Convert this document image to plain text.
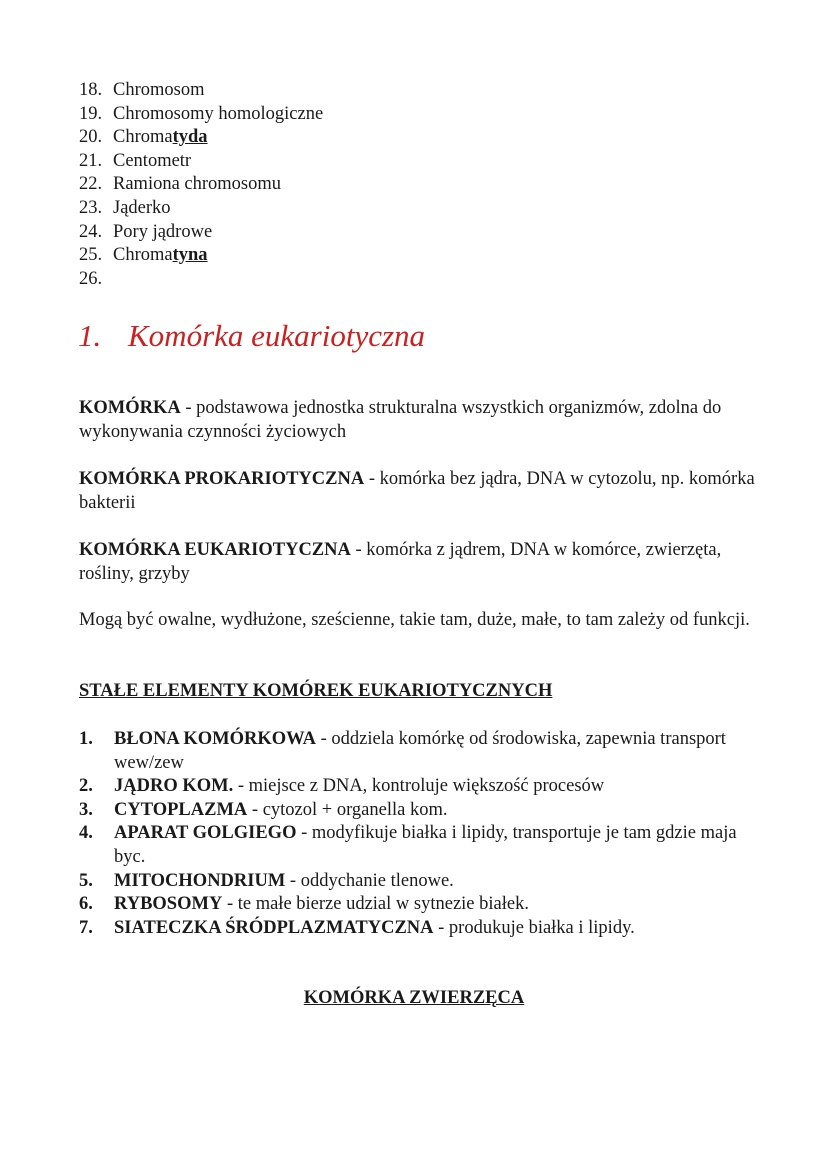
18. Chromosom
19. Chromosomy homologiczne
20. Chromatyda
21. Centometr
22. Ramiona chromosomu
23. Jąderko
24. Pory jądrowe
25. Chromatyna
26.
1. Komórka eukariotyczna

KOMÓRKA - podstawowa jednostka strukturalna wszystkich organizmów, zdolna do wykonywania czynności życiowych

KOMÓRKA PROKARIOTYCZNA - komórka bez jądra, DNA w cytozolu, np. komórka bakterii

KOMÓRKA EUKARIOTYCZNA - komórka z jądrem, DNA w komórce, zwierzęta, rośliny, grzyby

Mogą być owalne, wydłużone, sześcienne, takie tam, duże, małe, to tam zależy od funkcji.

STAŁE ELEMENTY KOMÓREK EUKARIOTYCZNYCH

1. BŁONA KOMÓRKOWA - oddziela komórkę od środowiska, zapewnia transport wew/zew
2. JĄDRO KOM. - miejsce z DNA, kontroluje większość procesów
3. CYTOPLAZMA - cytozol + organella kom.
4. APARAT GOLGIEGO - modyfikuje białka i lipidy, transportuje je tam gdzie maja byc.
5. MITOCHONDRIUM - oddychanie tlenowe.
6. RYBOSOMY - te małe bierze udzial w sytnezie białek.
7. SIATECZKA ŚRÓDPLAZMATYCZNA - produkuje białka i lipidy.

KOMÓRKA ZWIERZĘCA
